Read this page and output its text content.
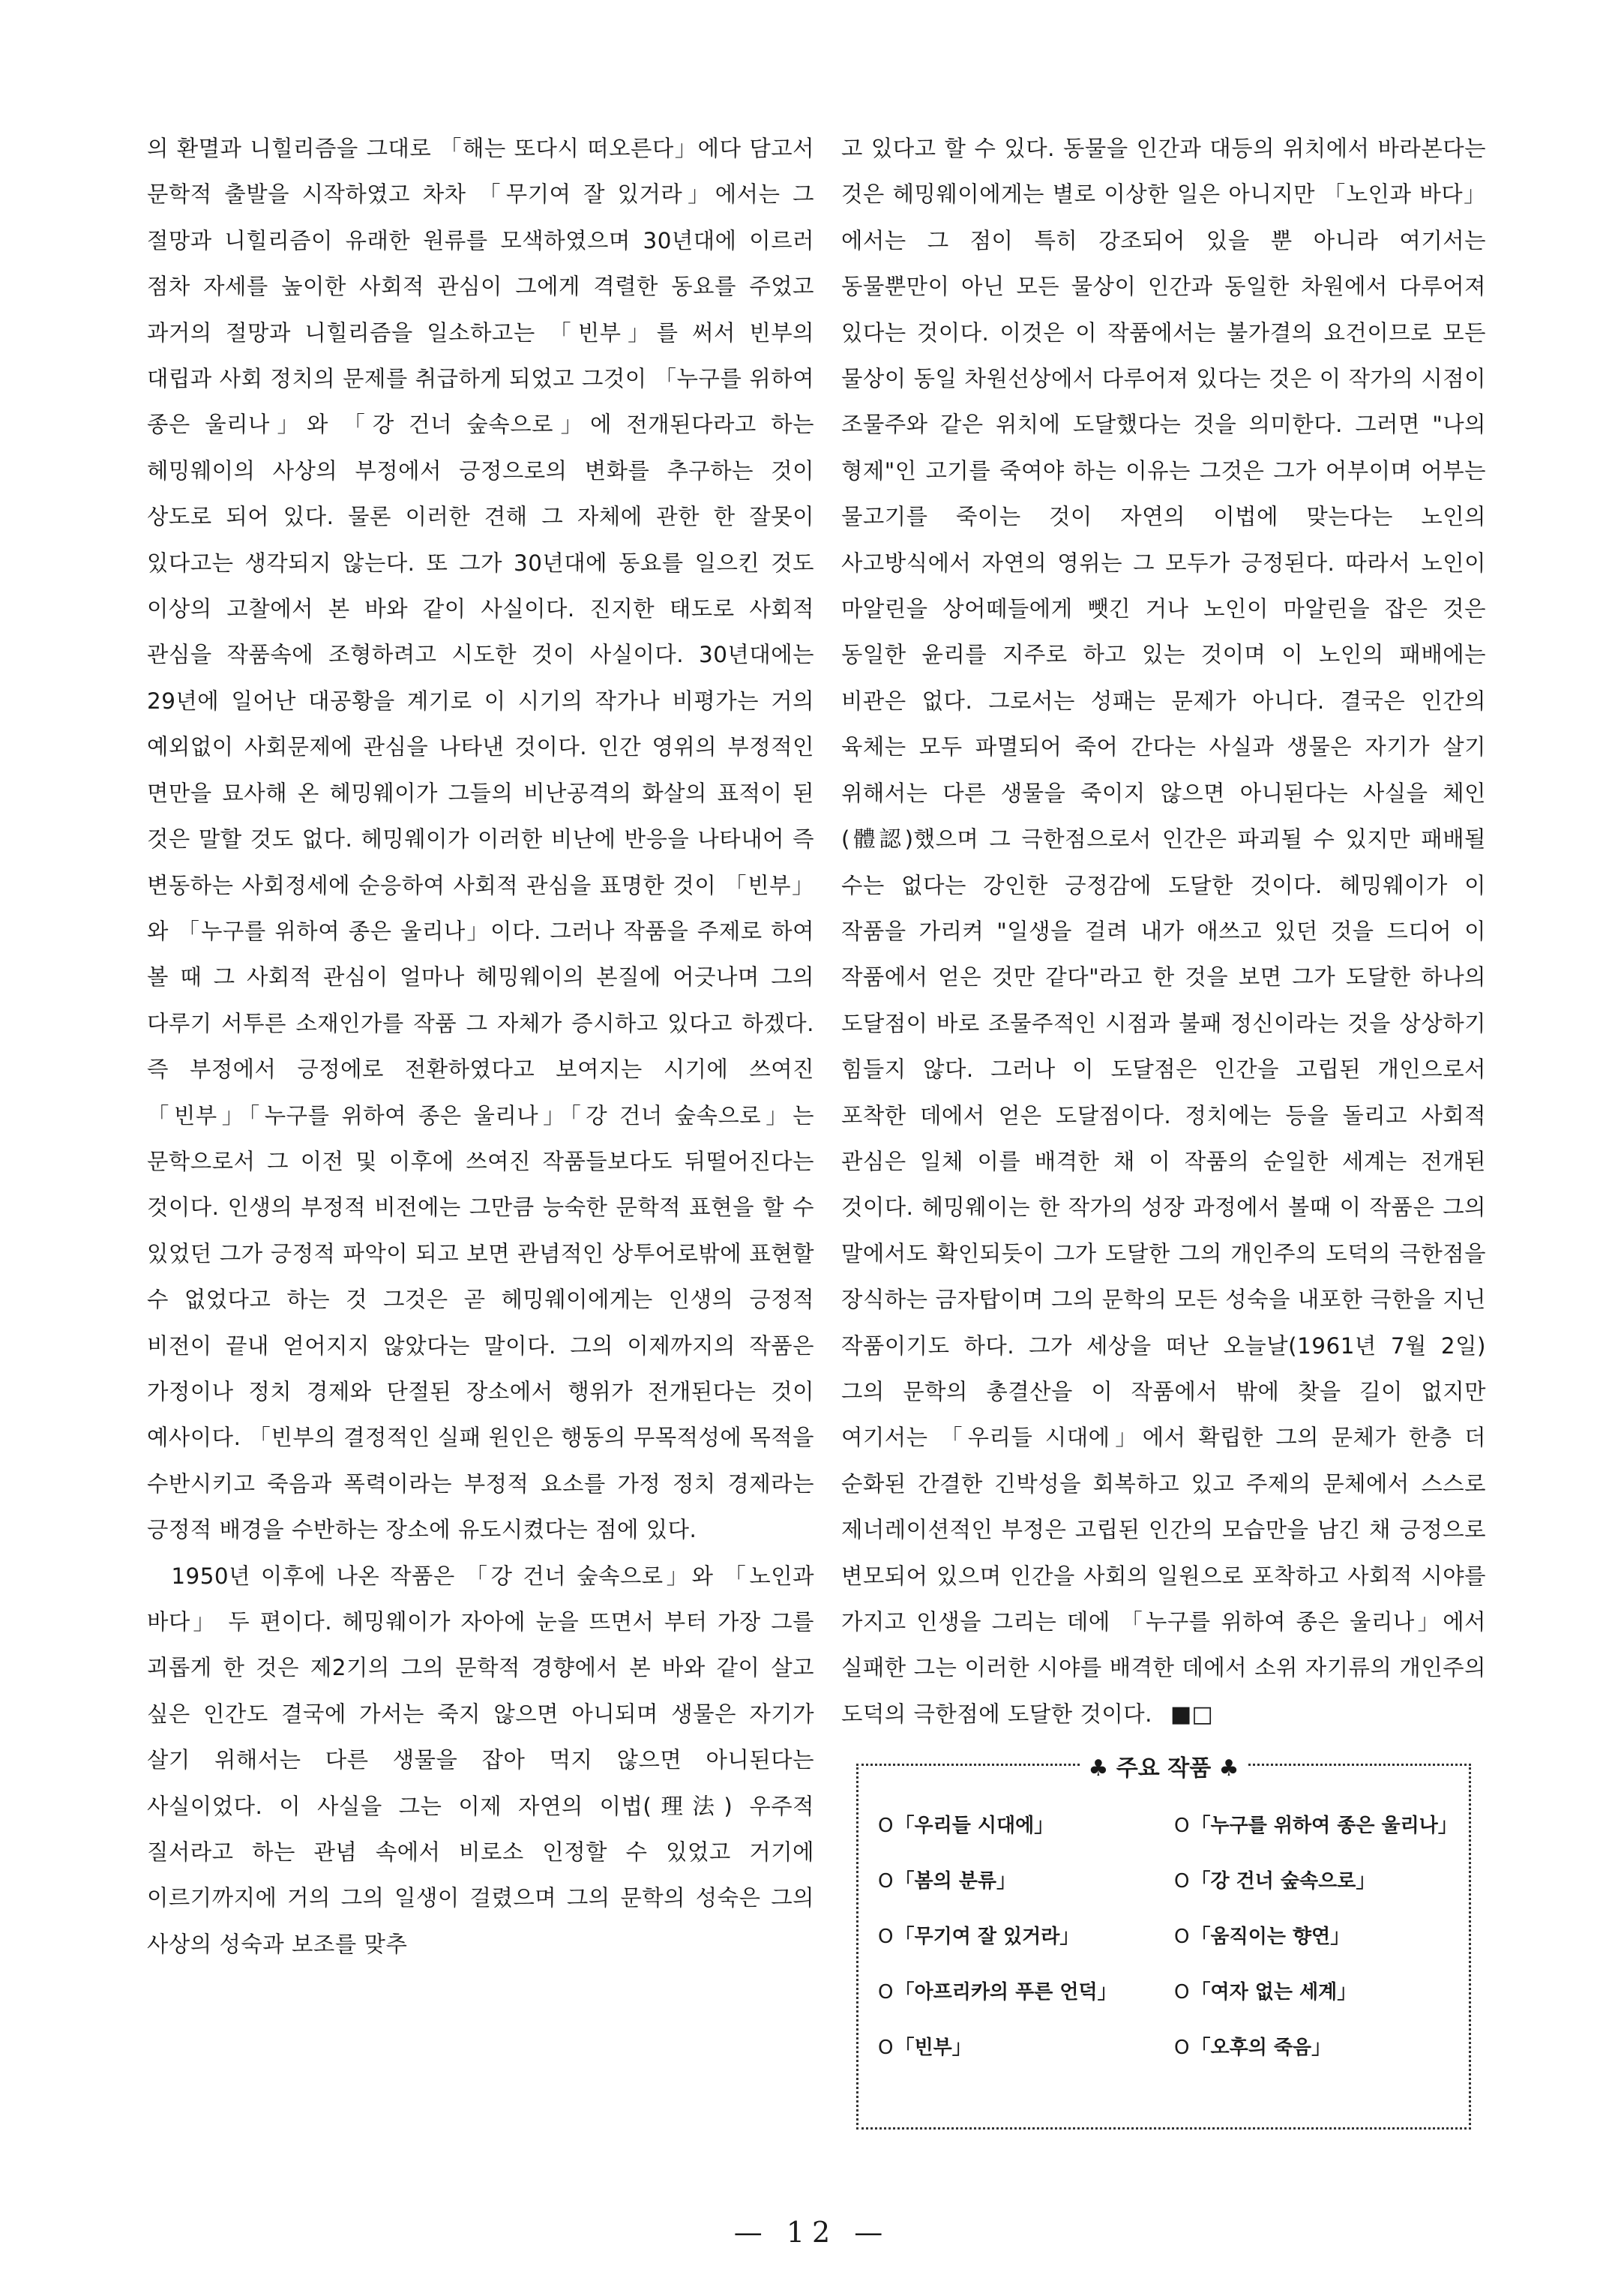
의 환멸과 니힐리즘을 그대로 「해는 또다시 떠오른다」에다 담고서 문학적 출발을 시작하였고 차차 「무기여 잘 있거라」에서는 그 절망과 니힐리즘이 유래한 원류를 모색하였으며 30년대에 이르러 점차 자세를 높이한 사회적 관심이 그에게 격렬한 동요를 주었고 과거의 절망과 니힐리즘을 일소하고는 「빈부」를 써서 빈부의 대립과 사회 정치의 문제를 취급하게 되었고 그것이 「누구를 위하여 종은 울리나」와 「강 건너 숲속으로」에 전개된다라고 하는 헤밍웨이의 사상의 부정에서 긍정으로의 변화를 추구하는 것이 상도로 되어 있다. 물론 이러한 견해 그 자체에 관한 한 잘못이 있다고는 생각되지 않는다. 또 그가 30년대에 동요를 일으킨 것도 이상의 고찰에서 본 바와 같이 사실이다. 진지한 태도로 사회적 관심을 작품속에 조형하려고 시도한 것이 사실이다. 30년대에는 29년에 일어난 대공황을 계기로 이 시기의 작가나 비평가는 거의 예외없이 사회문제에 관심을 나타낸 것이다. 인간 영위의 부정적인 면만을 묘사해 온 헤밍웨이가 그들의 비난공격의 화살의 표적이 된 것은 말할 것도 없다. 헤밍웨이가 이러한 비난에 반응을 나타내어 즉 변동하는 사회정세에 순응하여 사회적 관심을 표명한 것이 「빈부」와 「누구를 위하여 종은 울리나」이다. 그러나 작품을 주제로 하여 볼 때 그 사회적 관심이 얼마나 헤밍웨이의 본질에 어긋나며 그의 다루기 서투른 소재인가를 작품 그 자체가 증시하고 있다고 하겠다. 즉 부정에서 긍정에로 전환하였다고 보여지는 시기에 쓰여진 「빈부」「누구를 위하여 종은 울리나」「강 건너 숲속으로」는 문학으로서 그 이전 및 이후에 쓰여진 작품들보다도 뒤떨어진다는 것이다. 인생의 부정적 비전에는 그만큼 능숙한 문학적 표현을 할 수 있었던 그가 긍정적 파악이 되고 보면 관념적인 상투어로밖에 표현할 수 없었다고 하는 것 그것은 곧 헤밍웨이에게는 인생의 긍정적 비전이 끝내 얻어지지 않았다는 말이다. 그의 이제까지의 작품은 가정이나 정치 경제와 단절된 장소에서 행위가 전개된다는 것이 예사이다. 「빈부의 결정적인 실패 원인은 행동의 무목적성에 목적을 수반시키고 죽음과 폭력이라는 부정적 요소를 가정 정치 경제라는 긍정적 배경을 수반하는 장소에 유도시켰다는 점에 있다.

1950년 이후에 나온 작품은 「강 건너 숲속으로」와 「노인과 바다」 두 편이다. 헤밍웨이가 자아에 눈을 뜨면서 부터 가장 그를 괴롭게 한 것은 제2기의 그의 문학적 경향에서 본 바와 같이 살고 싶은 인간도 결국에 가서는 죽지 않으면 아니되며 생물은 자기가 살기 위해서는 다른 생물을 잡아 먹지 않으면 아니된다는 사실이었다. 이 사실을 그는 이제 자연의 이법(理法) 우주적 질서라고 하는 관념 속에서 비로소 인정할 수 있었고 거기에 이르기까지에 거의 그의 일생이 걸렸으며 그의 문학의 성숙은 그의 사상의 성숙과 보조를 맞추

고 있다고 할 수 있다. 동물을 인간과 대등의 위치에서 바라본다는 것은 헤밍웨이에게는 별로 이상한 일은 아니지만 「노인과 바다」에서는 그 점이 특히 강조되어 있을 뿐 아니라 여기서는 동물뿐만이 아닌 모든 물상이 인간과 동일한 차원에서 다루어져 있다는 것이다. 이것은 이 작품에서는 불가결의 요건이므로 모든 물상이 동일 차원선상에서 다루어져 있다는 것은 이 작가의 시점이 조물주와 같은 위치에 도달했다는 것을 의미한다. 그러면 "나의 형제"인 고기를 죽여야 하는 이유는 그것은 그가 어부이며 어부는 물고기를 죽이는 것이 자연의 이법에 맞는다는 노인의 사고방식에서 자연의 영위는 그 모두가 긍정된다. 따라서 노인이 마알린을 상어떼들에게 뺏긴 거나 노인이 마알린을 잡은 것은 동일한 윤리를 지주로 하고 있는 것이며 이 노인의 패배에는 비관은 없다. 그로서는 성패는 문제가 아니다. 결국은 인간의 육체는 모두 파멸되어 죽어 간다는 사실과 생물은 자기가 살기 위해서는 다른 생물을 죽이지 않으면 아니된다는 사실을 체인(體認)했으며 그 극한점으로서 인간은 파괴될 수 있지만 패배될 수는 없다는 강인한 긍정감에 도달한 것이다. 헤밍웨이가 이 작품을 가리켜 "일생을 걸려 내가 애쓰고 있던 것을 드디어 이 작품에서 얻은 것만 같다"라고 한 것을 보면 그가 도달한 하나의 도달점이 바로 조물주적인 시점과 불패 정신이라는 것을 상상하기 힘들지 않다. 그러나 이 도달점은 인간을 고립된 개인으로서 포착한 데에서 얻은 도달점이다. 정치에는 등을 돌리고 사회적 관심은 일체 이를 배격한 채 이 작품의 순일한 세계는 전개된 것이다. 헤밍웨이는 한 작가의 성장 과정에서 볼때 이 작품은 그의 말에서도 확인되듯이 그가 도달한 그의 개인주의 도덕의 극한점을 장식하는 금자탑이며 그의 문학의 모든 성숙을 내포한 극한을 지닌 작품이기도 하다. 그가 세상을 떠난 오늘날(1961년 7월 2일) 그의 문학의 총결산을 이 작품에서 밖에 찾을 길이 없지만 여기서는 「우리들 시대에」에서 확립한 그의 문체가 한층 더 순화된 간결한 긴박성을 회복하고 있고 주제의 문체에서 스스로 제너레이션적인 부정은 고립된 인간의 모습만을 남긴 채 긍정으로 변모되어 있으며 인간을 사회의 일원으로 포착하고 사회적 시야를 가지고 인생을 그리는 데에 「누구를 위하여 종은 울리나」에서 실패한 그는 이러한 시야를 배격한 데에서 소위 자기류의 개인주의 도덕의 극한점에 도달한 것이다. ■□

♣ 주요 작품 ♣
O「우리들 시대에」	O「누구를 위하여 종은 울리나」
O「봄의 분류」	O「강 건너 숲속으로」
O「무기여 잘 있거라」	O「움직이는 향연」
O「아프리카의 푸른 언덕」	O「여자 없는 세계」
O「빈부」	O「오후의 죽음」
— 12 —
